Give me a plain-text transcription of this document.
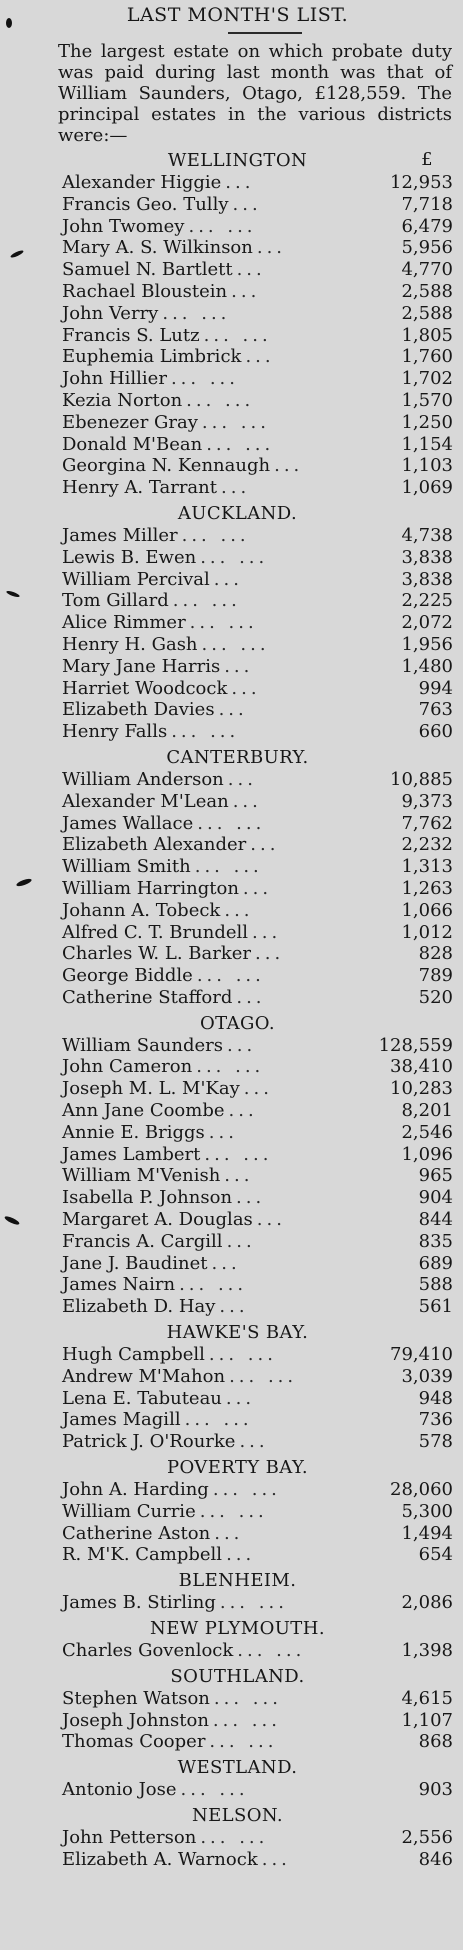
LAST MONTH'S LIST.
The largest estate on which probate duty was paid during last month was that of William Saunders, Otago, £128,559. The principal estates in the various districts were:—
WELLINGTON	£
Alexander Higgie ...	12,953
Francis Geo. Tully ...	7,718
John Twomey ... ...	6,479
Mary A. S. Wilkinson ...	5,956
Samuel N. Bartlett ...	4,770
Rachael Bloustein ...	2,588
John Verry ... ...	2,588
Francis S. Lutz ... ...	1,805
Euphemia Limbrick ...	1,760
John Hillier ... ...	1,702
Kezia Norton ... ...	1,570
Ebenezer Gray ... ...	1,250
Donald M'Bean ... ...	1,154
Georgina N. Kennaugh ...	1,103
Henry A. Tarrant ...	1,069
AUCKLAND.
James Miller ... ...	4,738
Lewis B. Ewen ... ...	3,838
William Percival ...	3,838
Tom Gillard ... ...	2,225
Alice Rimmer ... ...	2,072
Henry H. Gash ... ...	1,956
Mary Jane Harris ...	1,480
Harriet Woodcock ...	994
Elizabeth Davies ...	763
Henry Falls ... ...	660
CANTERBURY.
William Anderson ...	10,885
Alexander M'Lean ...	9,373
James Wallace ... ...	7,762
Elizabeth Alexander ...	2,232
William Smith ... ...	1,313
William Harrington ...	1,263
Johann A. Tobeck ...	1,066
Alfred C. T. Brundell ...	1,012
Charles W. L. Barker ...	828
George Biddle ... ...	789
Catherine Stafford ...	520
OTAGO.
William Saunders ...	128,559
John Cameron ... ...	38,410
Joseph M. L. M'Kay ...	10,283
Ann Jane Coombe ...	8,201
Annie E. Briggs ...	2,546
James Lambert ... ...	1,096
William M'Venish ...	965
Isabella P. Johnson ...	904
Margaret A. Douglas ...	844
Francis A. Cargill ...	835
Jane J. Baudinet ...	689
James Nairn ... ...	588
Elizabeth D. Hay ...	561
HAWKE'S BAY.
Hugh Campbell ... ...	79,410
Andrew M'Mahon ... ...	3,039
Lena E. Tabuteau ...	948
James Magill ... ...	736
Patrick J. O'Rourke ...	578
POVERTY BAY.
John A. Harding ... ...	28,060
William Currie ... ...	5,300
Catherine Aston ...	1,494
R. M'K. Campbell ...	654
BLENHEIM.
James B. Stirling ... ...	2,086
NEW PLYMOUTH.
Charles Govenlock ... ...	1,398
SOUTHLAND.
Stephen Watson ... ...	4,615
Joseph Johnston ... ...	1,107
Thomas Cooper ... ...	868
WESTLAND.
Antonio Jose ... ...	903
NELSON.
John Petterson ... ...	2,556
Elizabeth A. Warnock ...	846
